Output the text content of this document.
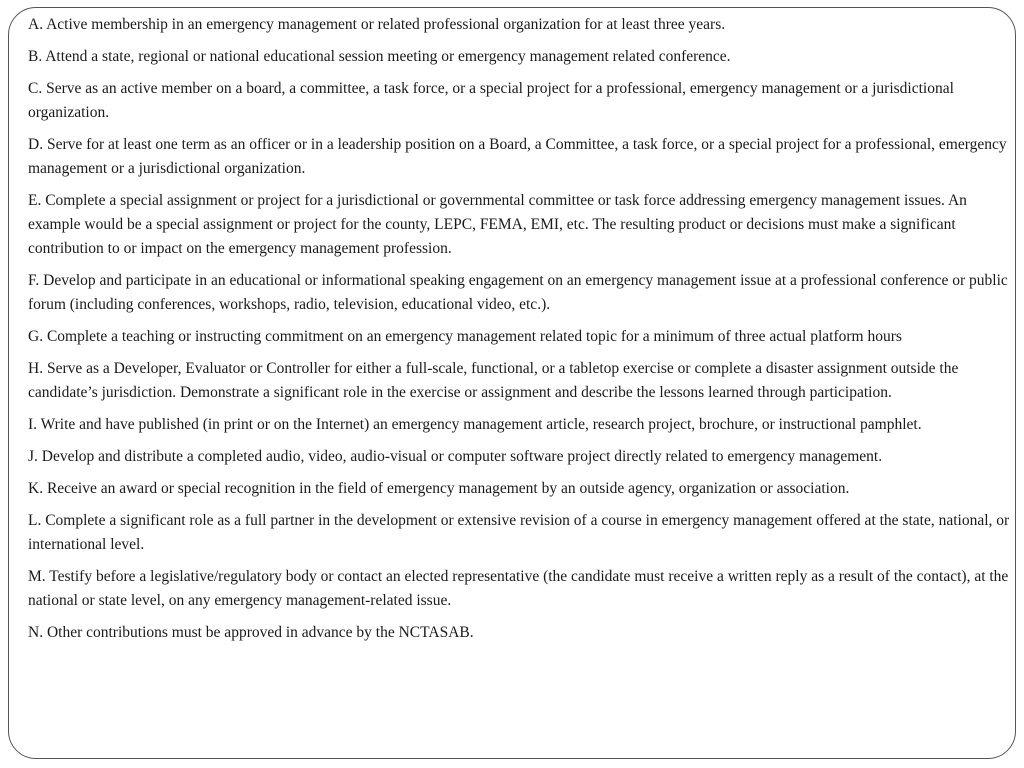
A. Active membership in an emergency management or related professional organization for at least three years.
B. Attend a state, regional or national educational session meeting or emergency management related conference.
C. Serve as an active member on a board, a committee, a task force, or a special project for a professional, emergency management or a jurisdictional organization.
D. Serve for at least one term as an officer or in a leadership position on a Board, a Committee, a task force, or a special project for a professional, emergency management or a jurisdictional organization.
E. Complete a special assignment or project for a jurisdictional or governmental committee or task force addressing emergency management issues. An example would be a special assignment or project for the county, LEPC, FEMA, EMI, etc. The resulting product or decisions must make a significant contribution to or impact on the emergency management profession.
F. Develop and participate in an educational or informational speaking engagement on an emergency management issue at a professional conference or public forum (including conferences, workshops, radio, television, educational video, etc.).
G. Complete a teaching or instructing commitment on an emergency management related topic for a minimum of three actual platform hours
H. Serve as a Developer, Evaluator or Controller for either a full-scale, functional, or a tabletop exercise or complete a disaster assignment outside the candidate’s jurisdiction. Demonstrate a significant role in the exercise or assignment and describe the lessons learned through participation.
I. Write and have published (in print or on the Internet) an emergency management article, research project, brochure, or instructional pamphlet.
J. Develop and distribute a completed audio, video, audio-visual or computer software project directly related to emergency management.
K. Receive an award or special recognition in the field of emergency management by an outside agency, organization or association.
L. Complete a significant role as a full partner in the development or extensive revision of a course in emergency management offered at the state, national, or international level.
M. Testify before a legislative/regulatory body or contact an elected representative (the candidate must receive a written reply as a result of the contact), at the national or state level, on any emergency management-related issue.
N. Other contributions must be approved in advance by the NCTASAB.
